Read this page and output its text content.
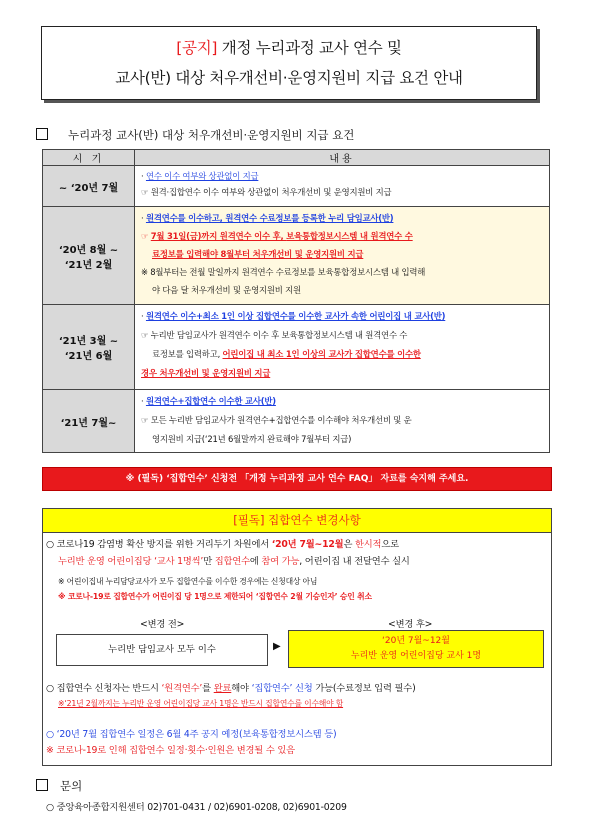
[공지] 개정 누리과정 교사 연수 및
교사(반) 대상 처우개선비·운영지원비 지급 요건 안내
누리과정 교사(반) 대상 처우개선비·운영지원비 지급 요건
시 기	내용
~ ‘20년 7월	· 연수 이수 여부와 상관없이 지급
☞ 원격·집합연수 이수 여부와 상관없이 처우개선비 및 운영지원비 지급

‘20년 8월 ~
‘21년 2월	· 원격연수를 이수하고, 원격연수 수료정보를 등록한 누리 담임교사(반)
☞ 7월 31일(금)까지 원격연수 이수 후, 보육통합정보시스템 내 원격연수 수
료정보를 입력해야 8월부터 처우개선비 및 운영지원비 지급
※ 8월부터는 전월 말일까지 원격연수 수료정보를 보육통합정보시스템 내 입력해
야 다음 달 처우개선비 및 운영지원비 지원

‘21년 3월 ~
‘21년 6월	· 원격연수 이수+최소 1인 이상 집합연수를 이수한 교사가 속한 어린이집 내 교사(반)
☞ 누리반 담임교사가 원격연수 이수 후 보육통합정보시스템 내 원격연수 수
료정보를 입력하고, 어린이집 내 최소 1인 이상의 교사가 집합연수를 이수한
경우 처우개선비 및 운영지원비 지급

‘21년 7월~	· 원격연수+집합연수 이수한 교사(반)
☞ 모든 누리반 담임교사가 원격연수+집합연수를 이수해야 처우개선비 및 운
영지원비 지급(‘21년 6월말까지 완료해야 7월부터 지급)
※ (필독) ‘집합연수’ 신청전 「개정 누리과정 교사 연수 FAQ」 자료를 숙지해 주세요.
[필독] 집합연수 변경사항
○ 코로나19 감염병 확산 방지를 위한 거리두기 차원에서 ‘20년 7월~12월은 한시적으로
누리반 운영 어린이집당 ‘교사 1명씩’만 집합연수에 참여 가능, 어린이집 내 전달연수 실시
※ 어린이집내 누리담당교사가 모두 집합연수를 이수한 경우에는 신청대상 아님
※ 코로나-19로 집합연수가 어린이집 당 1명으로 제한되어 ‘집합연수 2월 기승인자’ 승인 취소
<변경 전>	<변경 후>
누리반 담임교사 모두 이수	▶	‘20년 7월~12월
누리반 운영 어린이집당 교사 1명
○ 집합연수 신청자는 반드시 ‘원격연수’를 완료해야 ‘집합연수’ 신청 가능(수료정보 입력 필수)
※‘21년 2월까지는 누리반 운영 어린이집당 교사 1명은 반드시 집합연수를 이수해야 함
○ ‘20년 7월 집합연수 일정은 6월 4주 공지 예정(보육통합정보시스템 등)
※ 코로나-19로 인해 집합연수 일정·횟수·인원은 변경될 수 있음
문의
○ 중앙육아종합지원센터 02)701-0431 / 02)6901-0208, 02)6901-0209
